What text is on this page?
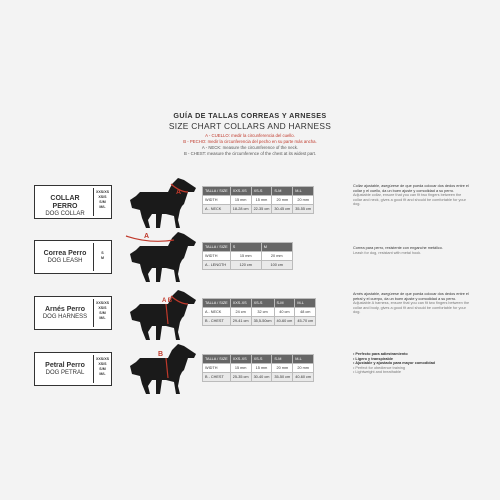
GUÍA DE TALLAS CORREAS Y ARNESES
SIZE CHART COLLARS AND HARNESS
A - CUELLO: medir la circunferencia del cuello.
B - PECHO: medir la circunferencia del pecho en su parte más ancha.
A - NECK: measure the circumference of the neck.
B - CHEST: measure the circumference of the chest at its widest part.
COLLAR PERRO
DOG COLLAR
XXS/XS
XS/S
S/M
M/L
A	TALLA / SIZE	XXS-XS	XS-S	S-M	M-L
WIDTH	15 mm	15 mm	20 mm	20 mm
A - NECK	18-28 cm	22-35 cm	30-45 cm	35-55 cm
Collar ajustable, asegúrese de que pueda colocar dos dedos entre el collar y el cuello, da un buen ajuste y comodidad a su perro.
Adjustable collar, ensure that you can fit two fingers between the collar and neck, gives a good fit and should be comfortable for your dog.
Correa Perro
DOG LEASH
S
M
A
TALLA / SIZE	S	M
WIDTH	15 mm	20 mm
A - LENGTH	120 cm	100 cm
Correa para perro, resistente con enganche metálico.
Leash for dog, resistant with metal hook.
Arnés Perro
DOG HARNESS
XXS/XS
XS/S
S/M
M/L
A B	TALLA / SIZE	XXS-XS	XS-S	S-M	M-L
A - NECK	24 cm	32 cm	40 cm	48 cm
B - CHEST	29-41 cm	35,5-50cm	40-60 cm	45-70 cm
Arnés ajustable, asegúrese de que pueda colocar dos dedos entre el petral y el cuerpo, da un buen ajuste y comodidad a su perro.
Adjustable A harness, ensure that you can fit two fingers between the collar and body, gives a good fit and should be comfortable for your dog.
Petral Perro
DOG PETRAL
XXS/XS
XS/S
S/M
M/L
B
TALLA / SIZE	XXS-XS	XS-S	S-M	M-L
WIDTH	15 mm	15 mm	20 mm	20 mm
B - CHEST	25-35 cm	30-40 cm	35-50 cm	40-60 cm
• Perfecto para adiestramiento
• Ligero y transpirable
• Ajustable y ajustado para mayor comodidad
• Perfect for obedience training
• Lightweight and breathable
